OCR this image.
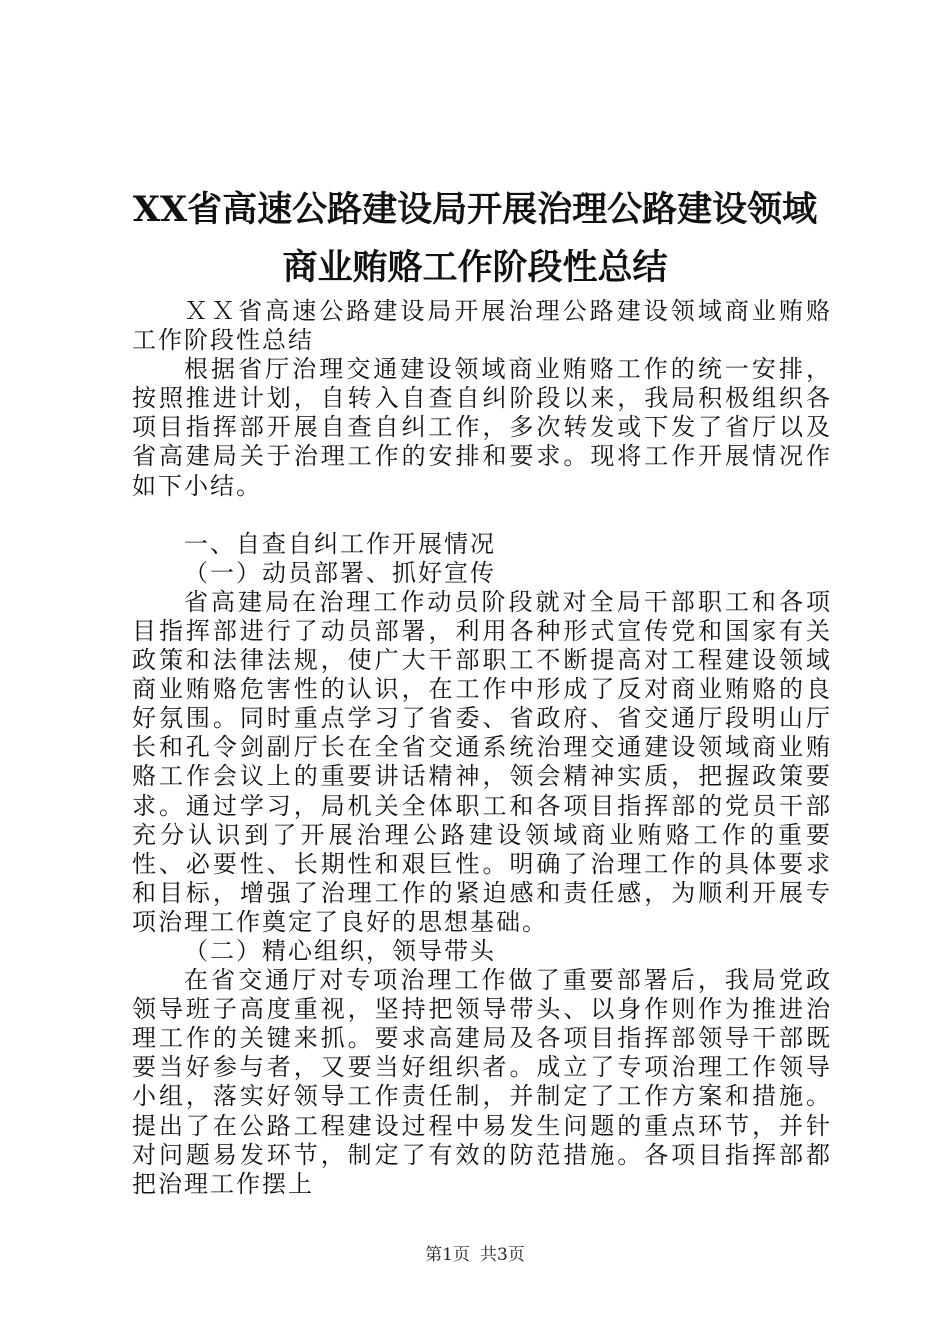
XX省高速公路建设局开展治理公路建设领域
商业贿赂工作阶段性总结

ＸＸ省高速公路建设局开展治理公路建设领域商业贿赂工作阶段性总结

根据省厅治理交通建设领域商业贿赂工作的统一安排，按照推进计划，自转入自查自纠阶段以来，我局积极组织各项目指挥部开展自查自纠工作，多次转发或下发了省厅以及省高建局关于治理工作的安排和要求。现将工作开展情况作如下小结。

一、自查自纠工作开展情况

（一）动员部署、抓好宣传

省高建局在治理工作动员阶段就对全局干部职工和各项目指挥部进行了动员部署，利用各种形式宣传党和国家有关政策和法律法规，使广大干部职工不断提高对工程建设领域商业贿赂危害性的认识，在工作中形成了反对商业贿赂的良好氛围。同时重点学习了省委、省政府、省交通厅段明山厅长和孔令剑副厅长在全省交通系统治理交通建设领域商业贿赂工作会议上的重要讲话精神，领会精神实质，把握政策要求。通过学习，局机关全体职工和各项目指挥部的党员干部充分认识到了开展治理公路建设领域商业贿赂工作的重要性、必要性、长期性和艰巨性。明确了治理工作的具体要求和目标，增强了治理工作的紧迫感和责任感，为顺利开展专项治理工作奠定了良好的思想基础。

（二）精心组织，领导带头

在省交通厅对专项治理工作做了重要部署后，我局党政领导班子高度重视，坚持把领导带头、以身作则作为推进治理工作的关键来抓。要求高建局及各项目指挥部领导干部既要当好参与者，又要当好组织者。成立了专项治理工作领导小组，落实好领导工作责任制，并制定了工作方案和措施。提出了在公路工程建设过程中易发生问题的重点环节，并针对问题易发环节，制定了有效的防范措施。各项目指挥部都把治理工作摆上

第1页 共3页
